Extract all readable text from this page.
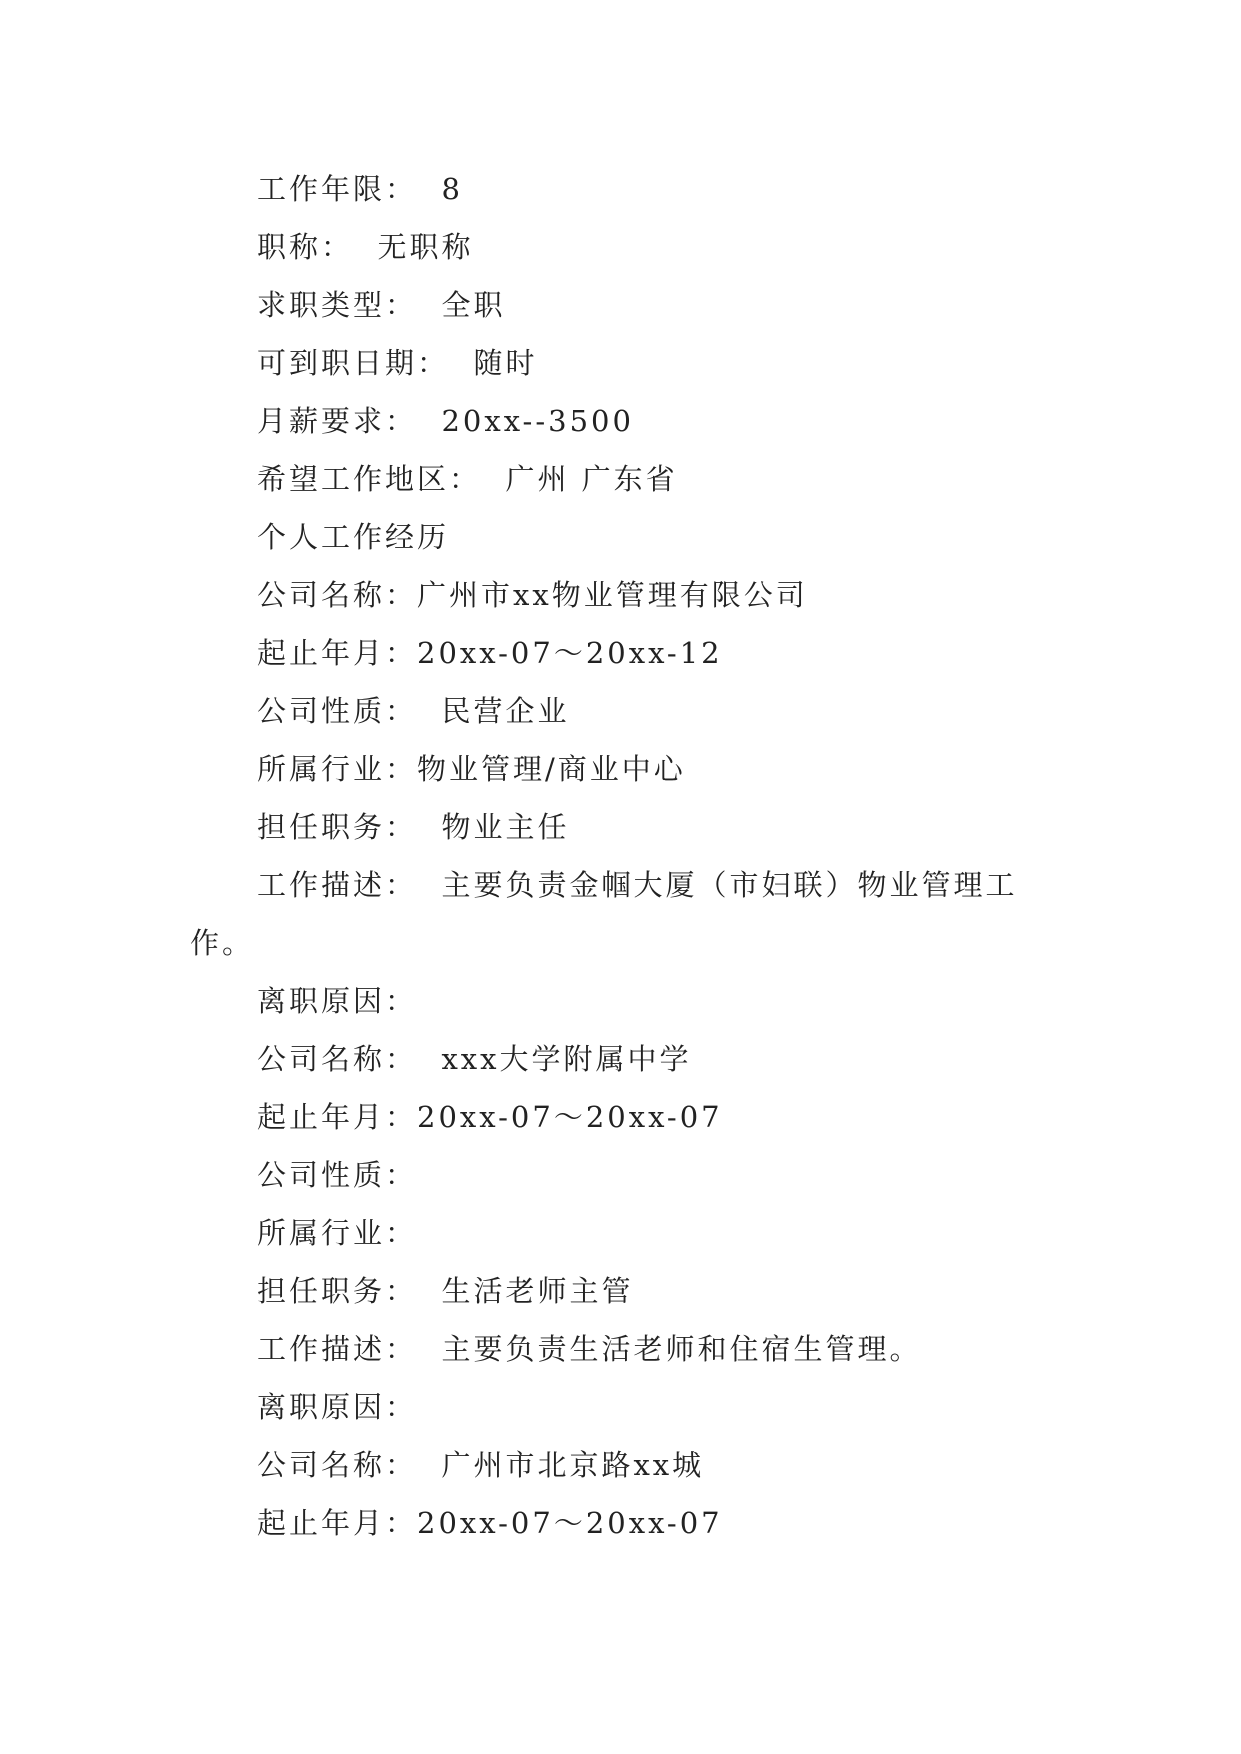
工作年限：  8
职称：  无职称
求职类型：  全职
可到职日期：  随时
月薪要求：  20xx--3500
希望工作地区：  广州 广东省
个人工作经历
公司名称：广州市xx物业管理有限公司
起止年月：20xx-07～20xx-12
公司性质：  民营企业
所属行业：物业管理/商业中心
担任职务：  物业主任
工作描述：  主要负责金帼大厦（市妇联）物业管理工
作。
离职原因：
公司名称：  xxx大学附属中学
起止年月：20xx-07～20xx-07
公司性质：
所属行业：
担任职务：  生活老师主管
工作描述：  主要负责生活老师和住宿生管理。
离职原因：
公司名称：  广州市北京路xx城
起止年月：20xx-07～20xx-07
